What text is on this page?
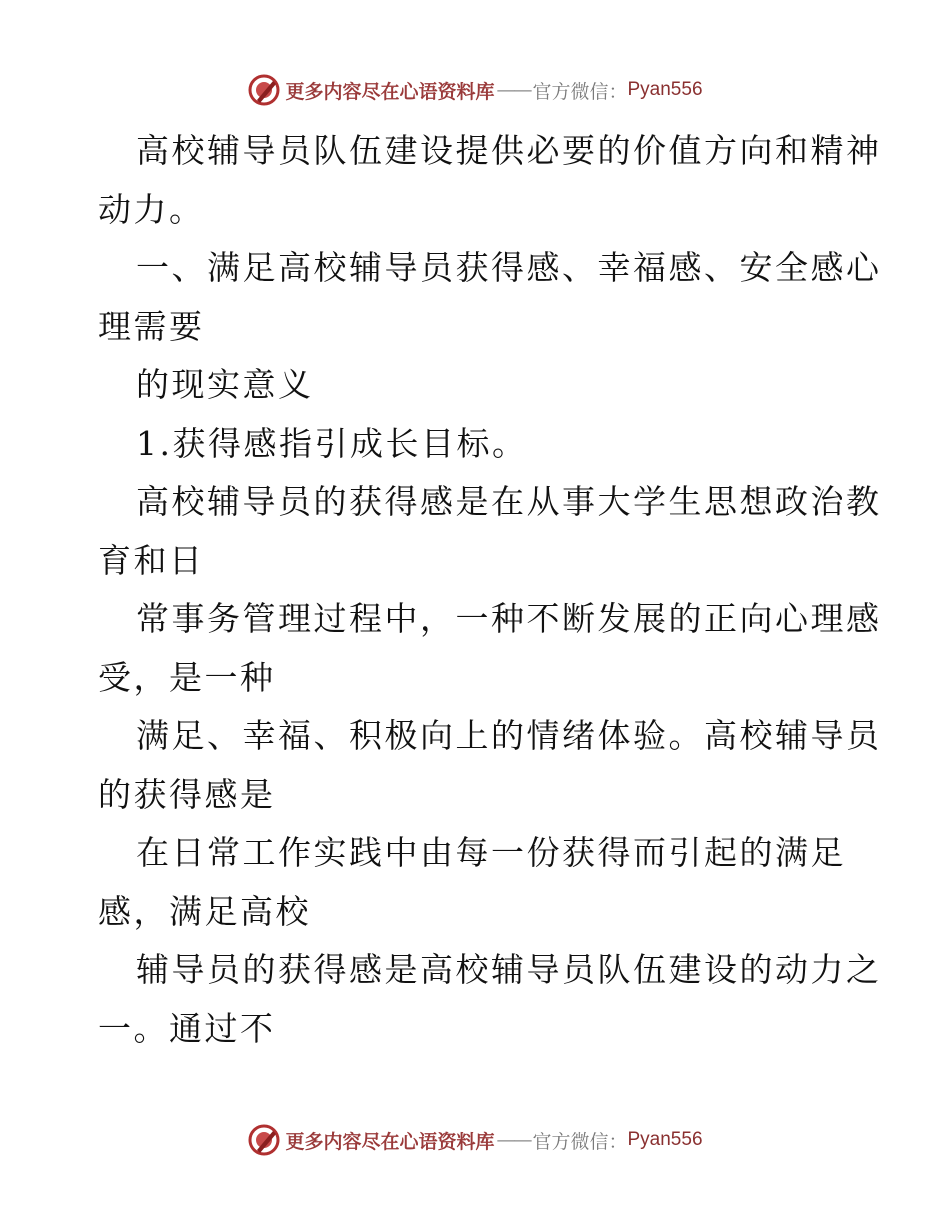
更多内容尽在心语资料库 —— 官方微信： Pyan556
高校辅导员队伍建设提供必要的价值方向和精神
动力。
一、满足高校辅导员获得感、幸福感、安全感心
理需要
的现实意义
1.获得感指引成长目标。
高校辅导员的获得感是在从事大学生思想政治教
育和日
常事务管理过程中，一种不断发展的正向心理感
受，是一种
满足、幸福、积极向上的情绪体验。高校辅导员
的获得感是
在日常工作实践中由每一份获得而引起的满足
感，满足高校
辅导员的获得感是高校辅导员队伍建设的动力之
一。通过不
更多内容尽在心语资料库 —— 官方微信： Pyan556
